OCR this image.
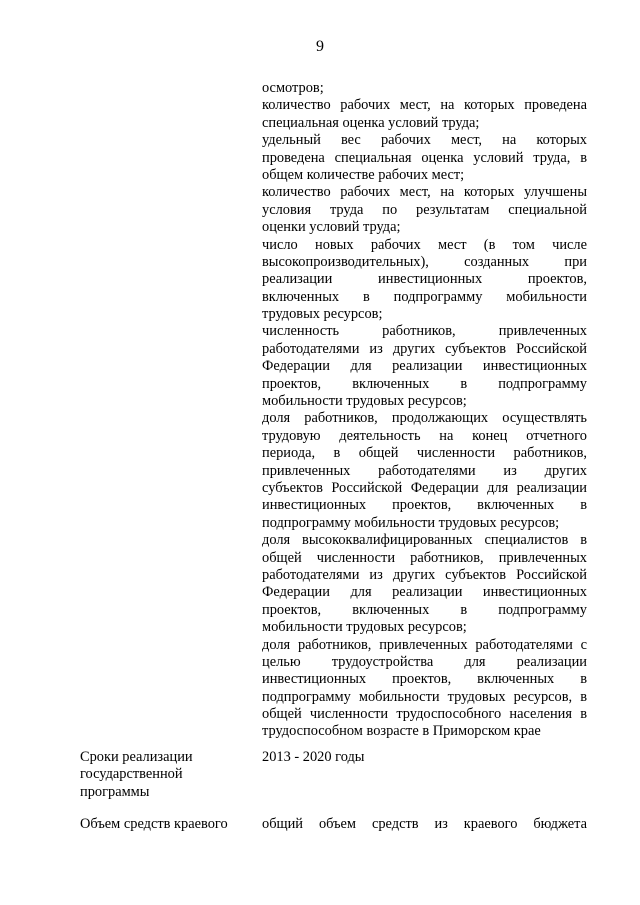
9
осмотров;
количество рабочих мест, на которых проведена
специальная оценка условий труда;
удельный вес рабочих мест, на которых
проведена специальная оценка условий труда, в
общем количестве рабочих мест;
количество рабочих мест, на которых улучшены
условия труда по результатам специальной
оценки условий труда;
число новых рабочих мест (в том числе
высокопроизводительных), созданных при
реализации инвестиционных проектов,
включенных в подпрограмму мобильности
трудовых ресурсов;
численность работников, привлеченных
работодателями из других субъектов Российской
Федерации для реализации инвестиционных
проектов, включенных в подпрограмму
мобильности трудовых ресурсов;
доля работников, продолжающих осуществлять
трудовую деятельность на конец отчетного
периода, в общей численности работников,
привлеченных работодателями из других
субъектов Российской Федерации для реализации
инвестиционных проектов, включенных в
подпрограмму мобильности трудовых ресурсов;
доля высококвалифицированных специалистов в
общей численности работников, привлеченных
работодателями из других субъектов Российской
Федерации для реализации инвестиционных
проектов, включенных в подпрограмму
мобильности трудовых ресурсов;
доля работников, привлеченных работодателями с
целью трудоустройства для реализации
инвестиционных проектов, включенных в
подпрограмму мобильности трудовых ресурсов, в
общей численности трудоспособного населения в
трудоспособном возрасте в Приморском крае
Сроки реализации
государственной
программы
2013 - 2020 годы
Объем средств краевого	общий объем средств из краевого бюджета
